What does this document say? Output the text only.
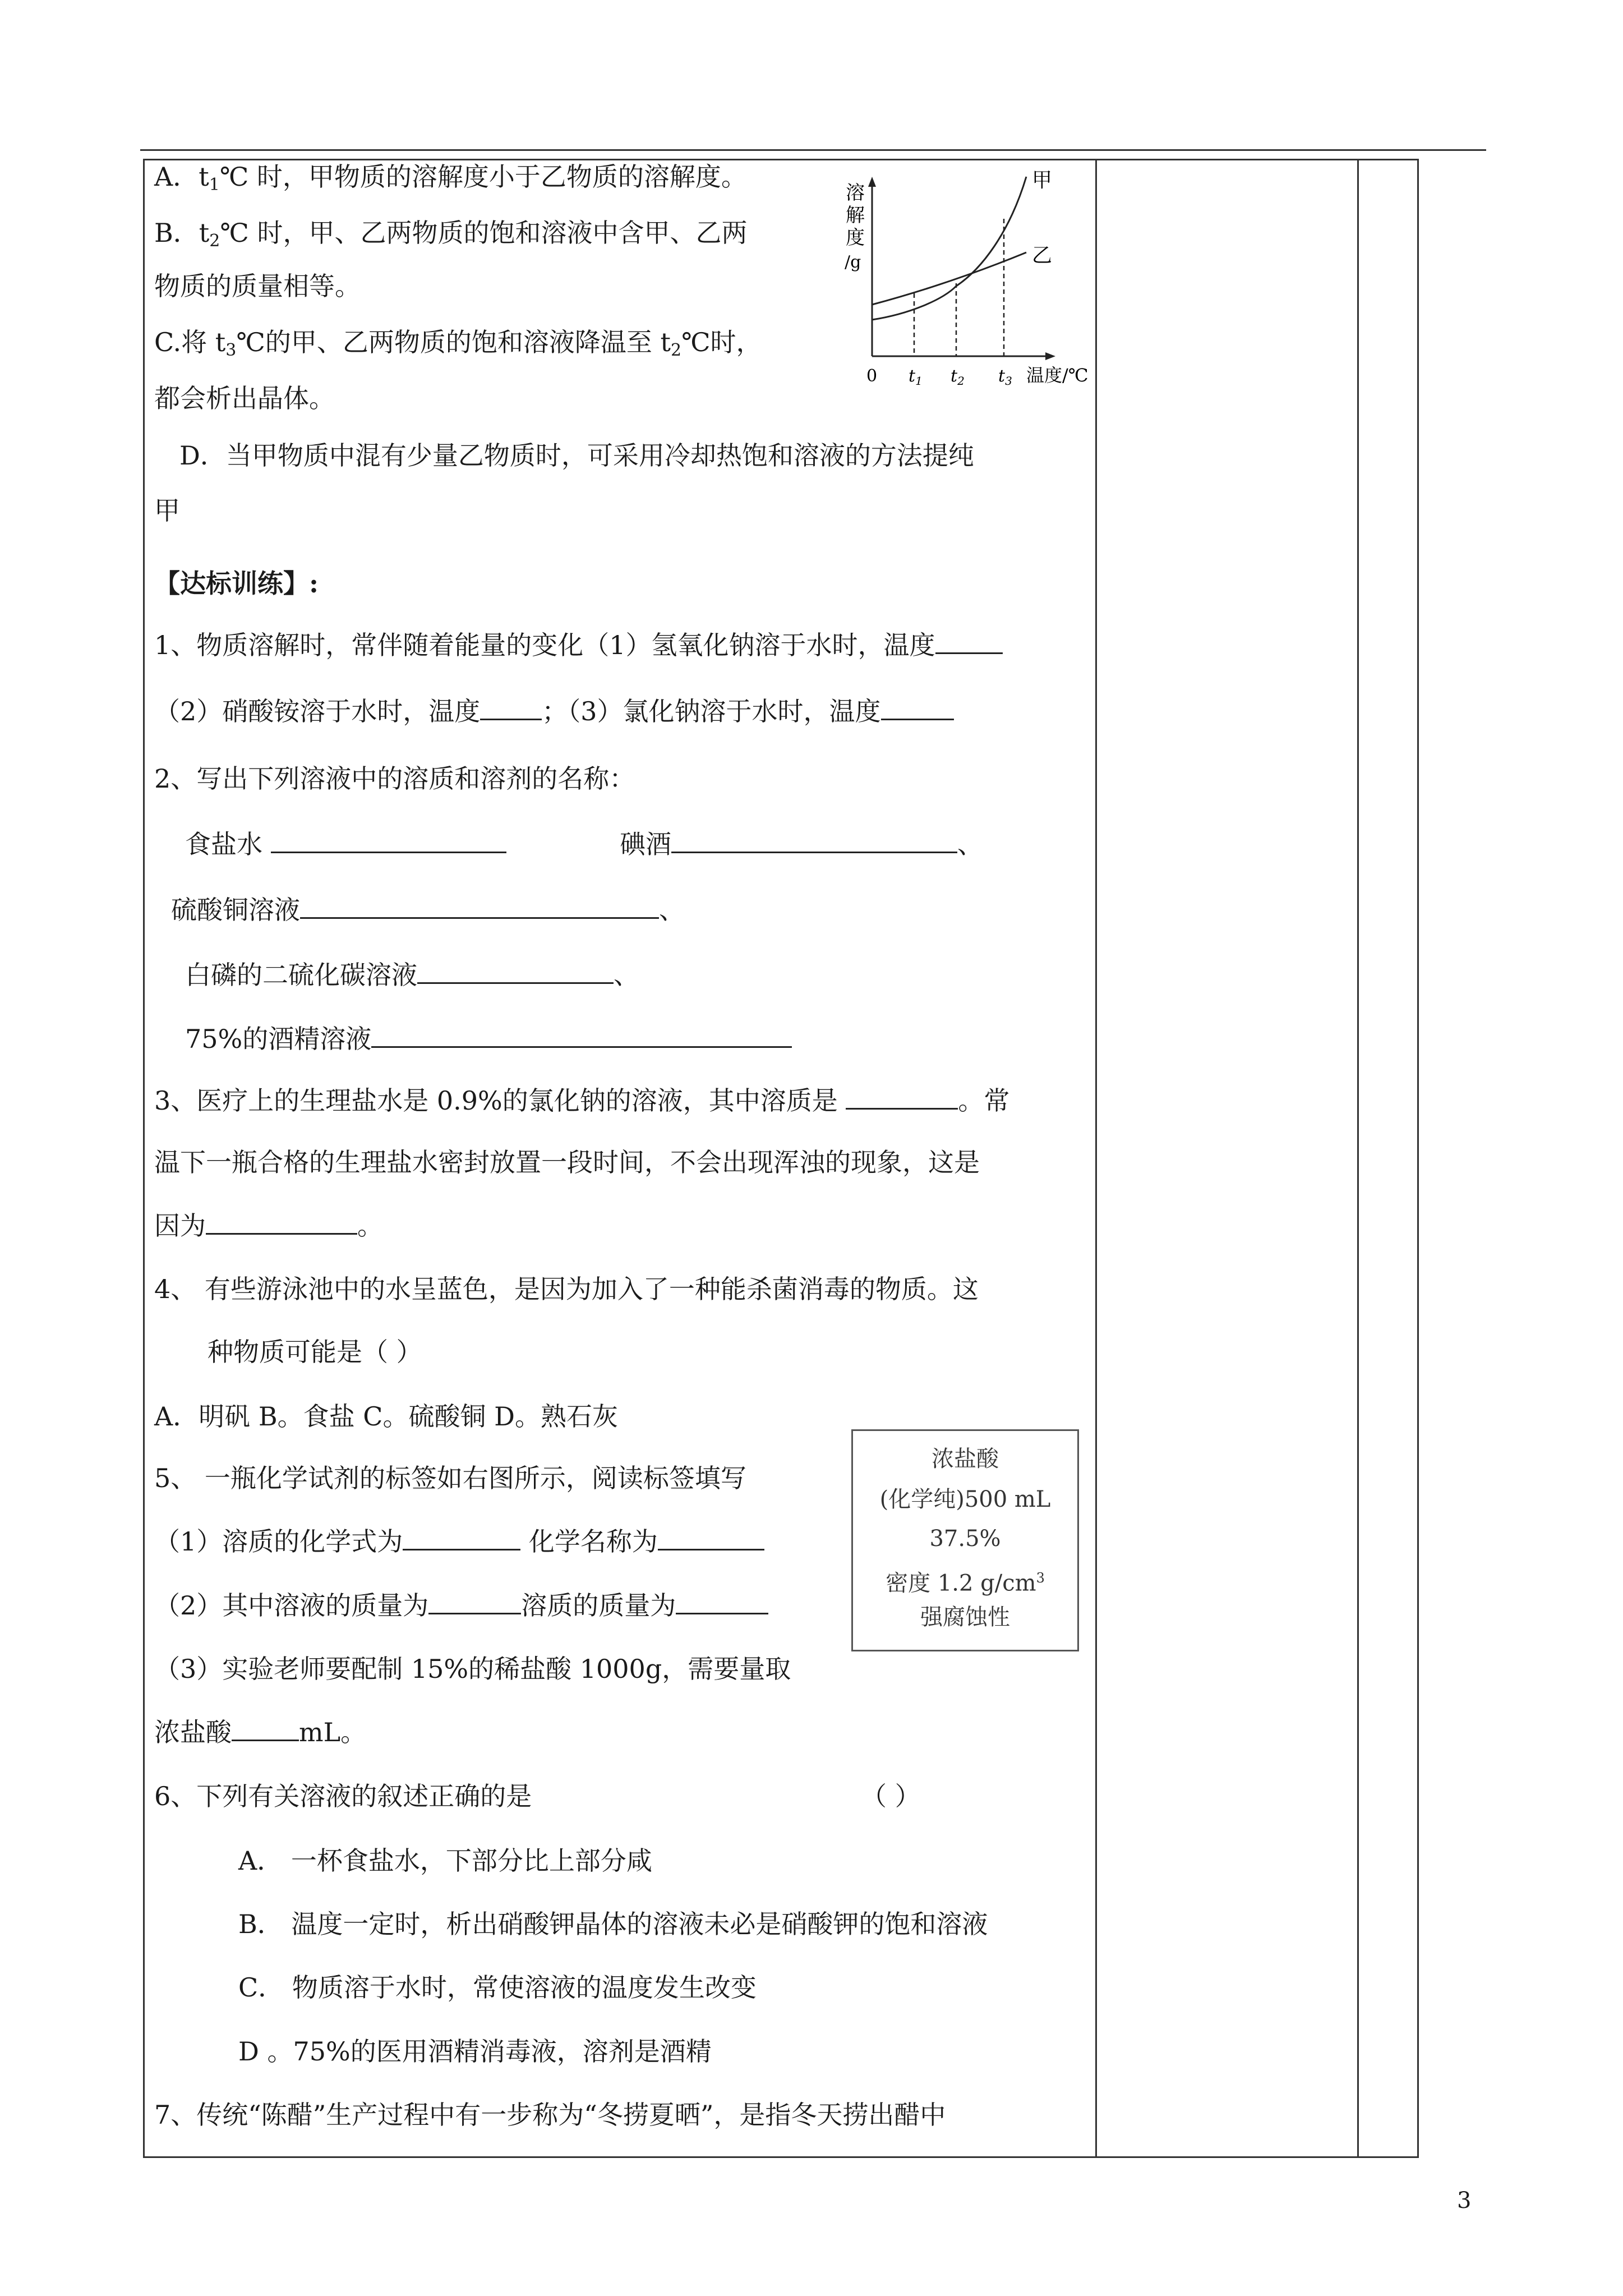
A．$t_1℃$ 时，甲物质的溶解度小于乙物质的溶解度。
B．$t_2℃$ 时，甲、乙两物质的饱和溶液中含甲、乙两
物质的质量相等。
C.将 $t_3℃$的甲、乙两物质的饱和溶液降温至 $t_2℃$时，
都会析出晶体。
D．当甲物质中混有少量乙物质时，可采用冷却热饱和溶液的方法提纯
甲
溶
解
度
/g
甲
乙
0 $t_1$ $t_2$ $t_3$ 温度/℃
【达标训练】:
1、物质溶解时，常伴随着能量的变化（1）氢氧化钠溶于水时，温度
（2）硝酸铵溶于水时，温度 ；（3）氯化钠溶于水时，温度
2、写出下列溶液中的溶质和溶剂的名称：
食盐水	碘酒	、
硫酸铜溶液	、
白磷的二硫化碳溶液	、
75%的酒精溶液
3、医疗上的生理盐水是 0.9%的氯化钠的溶液，其中溶质是	。常
温下一瓶合格的生理盐水密封放置一段时间，不会出现浑浊的现象，这是
因为	。
4、 有些游泳池中的水呈蓝色，是因为加入了一种能杀菌消毒的物质。这
种物质可能是（ ）
A．明矾 B。食盐 C。硫酸铜 D。熟石灰
浓盐酸
(化学纯)500 mL
37.5%
密度 1.2 $g/cm^3$
强腐蚀性
5、 一瓶化学试剂的标签如右图所示，阅读标签填写
（1）溶质的化学式为	化学名称为
（2）其中溶液的质量为	溶质的质量为
（3）实验老师要配制 15%的稀盐酸 1000g，需要量取
浓盐酸	mL。
6、下列有关溶液的叙述正确的是	（ ）
A． 一杯食盐水，下部分比上部分咸
B． 温度一定时，析出硝酸钾晶体的溶液未必是硝酸钾的饱和溶液
C． 物质溶于水时，常使溶液的温度发生改变
D 。75%的医用酒精消毒液，溶剂是酒精
7、传统“陈醋”生产过程中有一步称为“冬捞夏晒”，是指冬天捞出醋中
3
